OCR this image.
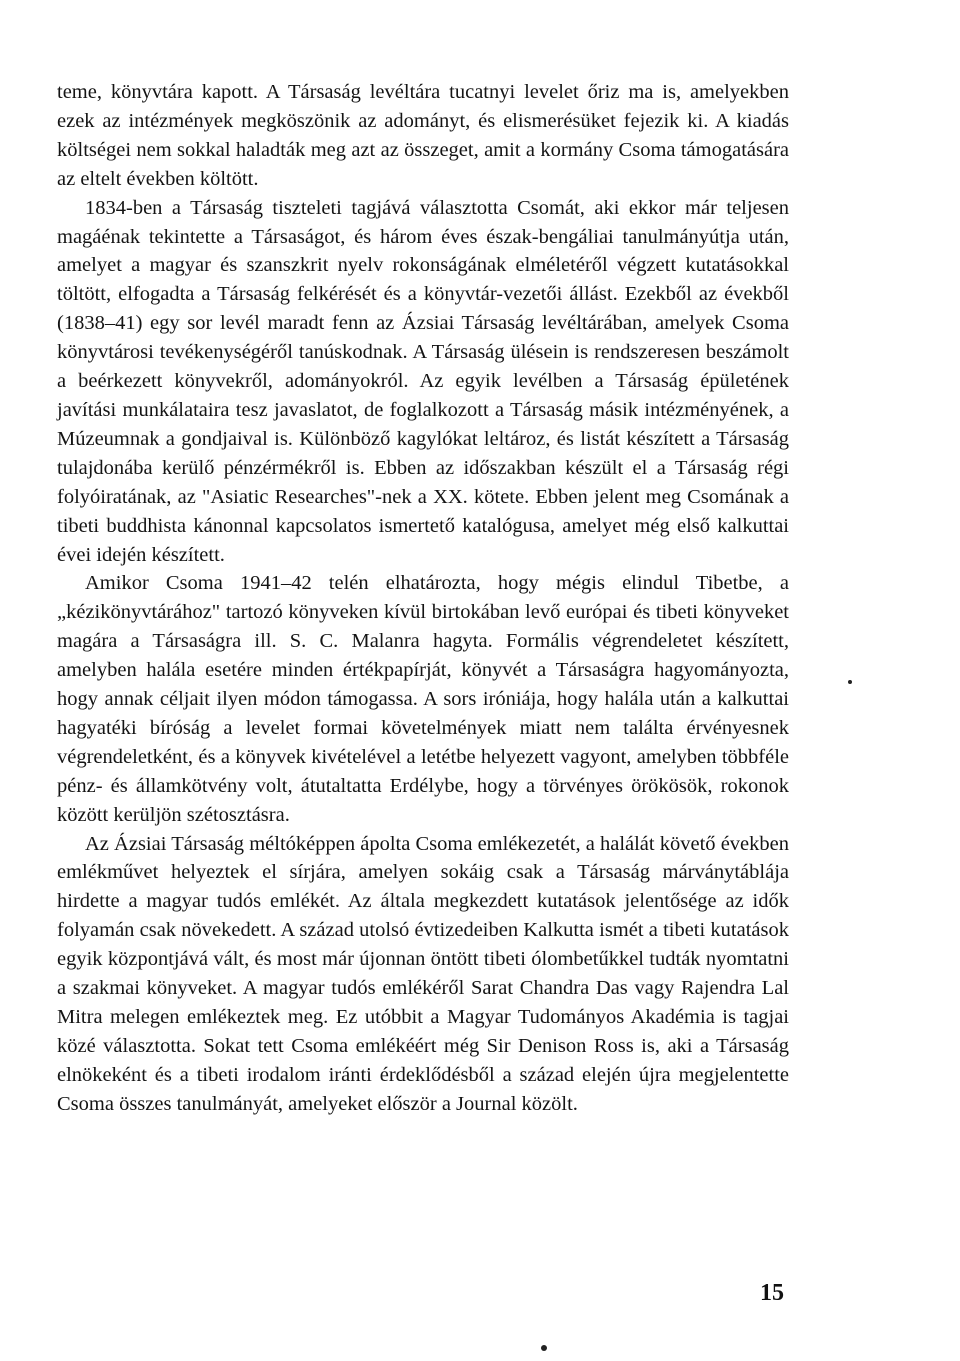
teme, könyvtára kapott. A Társaság levéltára tucatnyi levelet őriz ma is, amelyekben ezek az intézmények megköszönik az adományt, és elismerésüket fejezik ki. A kiadás költségei nem sokkal haladták meg azt az összeget, amit a kormány Csoma támogatására az eltelt években költött.

1834-ben a Társaság tiszteleti tagjává választotta Csomát, aki ekkor már teljesen magáénak tekintette a Társaságot, és három éves észak-bengáliai tanulmányútja után, amelyet a magyar és szanszkrit nyelv rokonságának elméletéről végzett kutatásokkal töltött, elfogadta a Társaság felkérését és a könyvtár-vezetői állást. Ezekből az évekből (1838–41) egy sor levél maradt fenn az Ázsiai Társaság levéltárában, amelyek Csoma könyvtárosi tevékenységéről tanúskodnak. A Társaság ülésein is rendszeresen beszámolt a beérkezett könyvekről, adományokról. Az egyik levélben a Társaság épületének javítási munkálataira tesz javaslatot, de foglalkozott a Társaság másik intézményének, a Múzeumnak a gondjaival is. Különböző kagylókat leltároz, és listát készített a Társaság tulajdonába kerülő pénzérmékről is. Ebben az időszakban készült el a Társaság régi folyóiratának, az "Asiatic Researches"-nek a XX. kötete. Ebben jelent meg Csomának a tibeti buddhista kánonnal kapcsolatos ismertető katalógusa, amelyet még első kalkuttai évei idején készített.

Amikor Csoma 1941–42 telén elhatározta, hogy mégis elindul Tibetbe, a „kézikönyvtárához" tartozó könyveken kívül birtokában levő európai és tibeti könyveket magára a Társaságra ill. S. C. Malanra hagyta. Formális végrendeletet készített, amelyben halála esetére minden értékpapírját, könyvét a Társaságra hagyományozta, hogy annak céljait ilyen módon támogassa. A sors iróniája, hogy halála után a kalkuttai hagyatéki bíróság a levelet formai követelmények miatt nem találta érvényesnek végrendeletként, és a könyvek kivételével a letétbe helyezett vagyont, amelyben többféle pénz- és államkötvény volt, átutaltatta Erdélybe, hogy a törvényes örökösök, rokonok között kerüljön szétosztásra.

Az Ázsiai Társaság méltóképpen ápolta Csoma emlékezetét, a halálát követő években emlékművet helyeztek el sírjára, amelyen sokáig csak a Társaság márványtáblája hirdette a magyar tudós emlékét. Az általa megkezdett kutatások jelentősége az idők folyamán csak növekedett. A század utolsó évtizedeiben Kalkutta ismét a tibeti kutatások egyik központjává vált, és most már újonnan öntött tibeti ólombetűkkel tudták nyomtatni a szakmai könyveket. A magyar tudós emlékéről Sarat Chandra Das vagy Rajendra Lal Mitra melegen emlékeztek meg. Ez utóbbit a Magyar Tudományos Akadémia is tagjai közé választotta. Sokat tett Csoma emlékéért még Sir Denison Ross is, aki a Társaság elnökeként és a tibeti irodalom iránti érdeklődésből a század elején újra megjelentette Csoma összes tanulmányát, amelyeket először a Journal közölt.

15
